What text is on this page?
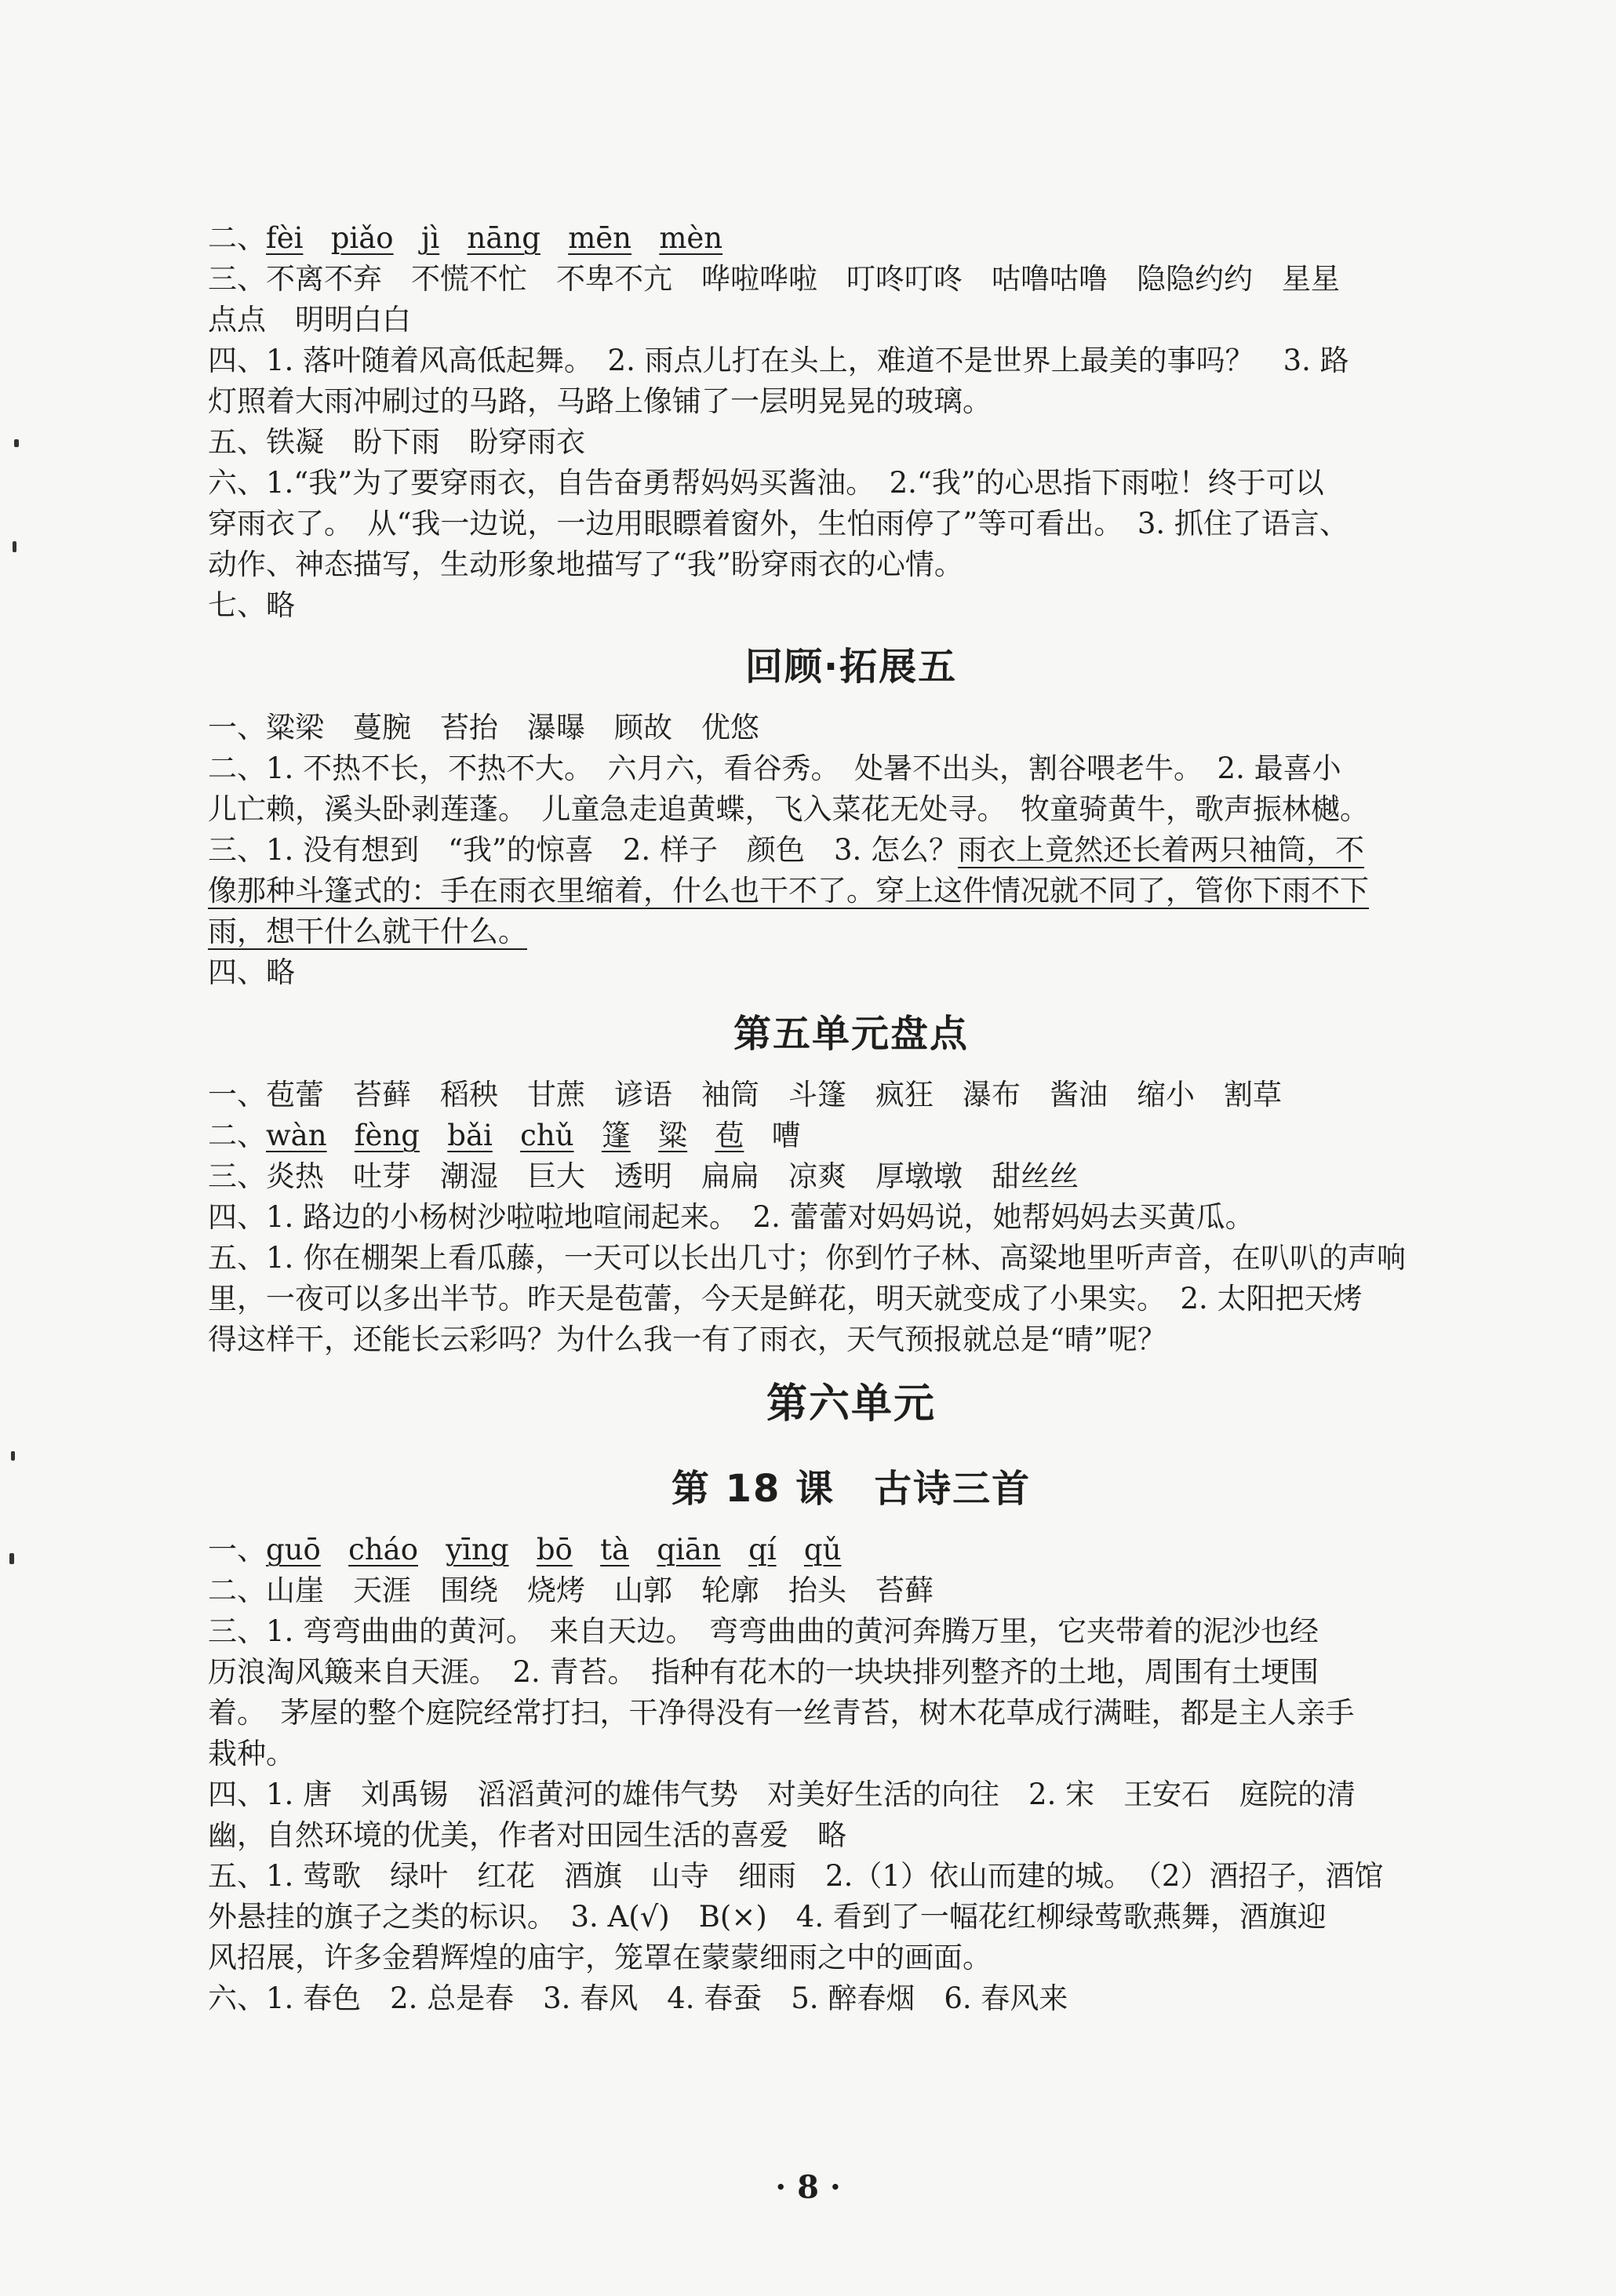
二、fèi piǎo jì nāng mēn mèn
三、不离不弃　不慌不忙　不卑不亢　哗啦哗啦　叮咚叮咚　咕噜咕噜　隐隐约约　星星
点点　明明白白
四、1. 落叶随着风高低起舞。　2. 雨点儿打在头上，难道不是世界上最美的事吗？　3. 路
灯照着大雨冲刷过的马路，马路上像铺了一层明晃晃的玻璃。
五、铁凝　盼下雨　盼穿雨衣
六、1.“我”为了要穿雨衣，自告奋勇帮妈妈买酱油。　2.“我”的心思指下雨啦！终于可以
穿雨衣了。　从“我一边说，一边用眼瞟着窗外，生怕雨停了”等可看出。　3. 抓住了语言、
动作、神态描写，生动形象地描写了“我”盼穿雨衣的心情。
七、略
回顾·拓展五
一、粱梁　蔓腕　苔抬　瀑曝　顾故　优悠
二、1. 不热不长，不热不大。　六月六，看谷秀。　处暑不出头，割谷喂老牛。　2. 最喜小
儿亡赖，溪头卧剥莲蓬。　儿童急走追黄蝶，飞入菜花无处寻。　牧童骑黄牛，歌声振林樾。
三、1. 没有想到　“我”的惊喜　2. 样子　颜色　3. 怎么？雨衣上竟然还长着两只袖筒，不
像那种斗篷式的：手在雨衣里缩着，什么也干不了。穿上这件情况就不同了，管你下雨不下
雨，想干什么就干什么。
四、略
第五单元盘点
一、苞蕾　苔藓　稻秧　甘蔗　谚语　袖筒　斗篷　疯狂　瀑布　酱油　缩小　割草
二、wàn fèng bǎi chǔ 篷 粱 苞 嘈
三、炎热　吐芽　潮湿　巨大　透明　扁扁　凉爽　厚墩墩　甜丝丝
四、1. 路边的小杨树沙啦啦地喧闹起来。　2. 蕾蕾对妈妈说，她帮妈妈去买黄瓜。
五、1. 你在棚架上看瓜藤，一天可以长出几寸；你到竹子林、高粱地里听声音，在叭叭的声响
里，一夜可以多出半节。昨天是苞蕾，今天是鲜花，明天就变成了小果实。　2. 太阳把天烤
得这样干，还能长云彩吗？为什么我一有了雨衣，天气预报就总是“晴”呢？
第六单元
第 18 课　古诗三首
一、guō cháo yīng bō tà qiān qí qǔ
二、山崖　天涯　围绕　烧烤　山郭　轮廓　抬头　苔藓
三、1. 弯弯曲曲的黄河。　来自天边。　弯弯曲曲的黄河奔腾万里，它夹带着的泥沙也经
历浪淘风簸来自天涯。　2. 青苔。　指种有花木的一块块排列整齐的土地，周围有土埂围
着。　茅屋的整个庭院经常打扫，干净得没有一丝青苔，树木花草成行满畦，都是主人亲手
栽种。
四、1. 唐　刘禹锡　滔滔黄河的雄伟气势　对美好生活的向往　2. 宋　王安石　庭院的清
幽，自然环境的优美，作者对田园生活的喜爱　略
五、1. 莺歌　绿叶　红花　酒旗　山寺　细雨　2.（1）依山而建的城。　（2）酒招子，酒馆
外悬挂的旗子之类的标识。　3. A(√)　B(×)　4. 看到了一幅花红柳绿莺歌燕舞，酒旗迎
风招展，许多金碧辉煌的庙宇，笼罩在蒙蒙细雨之中的画面。
六、1. 春色　2. 总是春　3. 春风　4. 春蚕　5. 醉春烟　6. 春风来
· 8 ·
